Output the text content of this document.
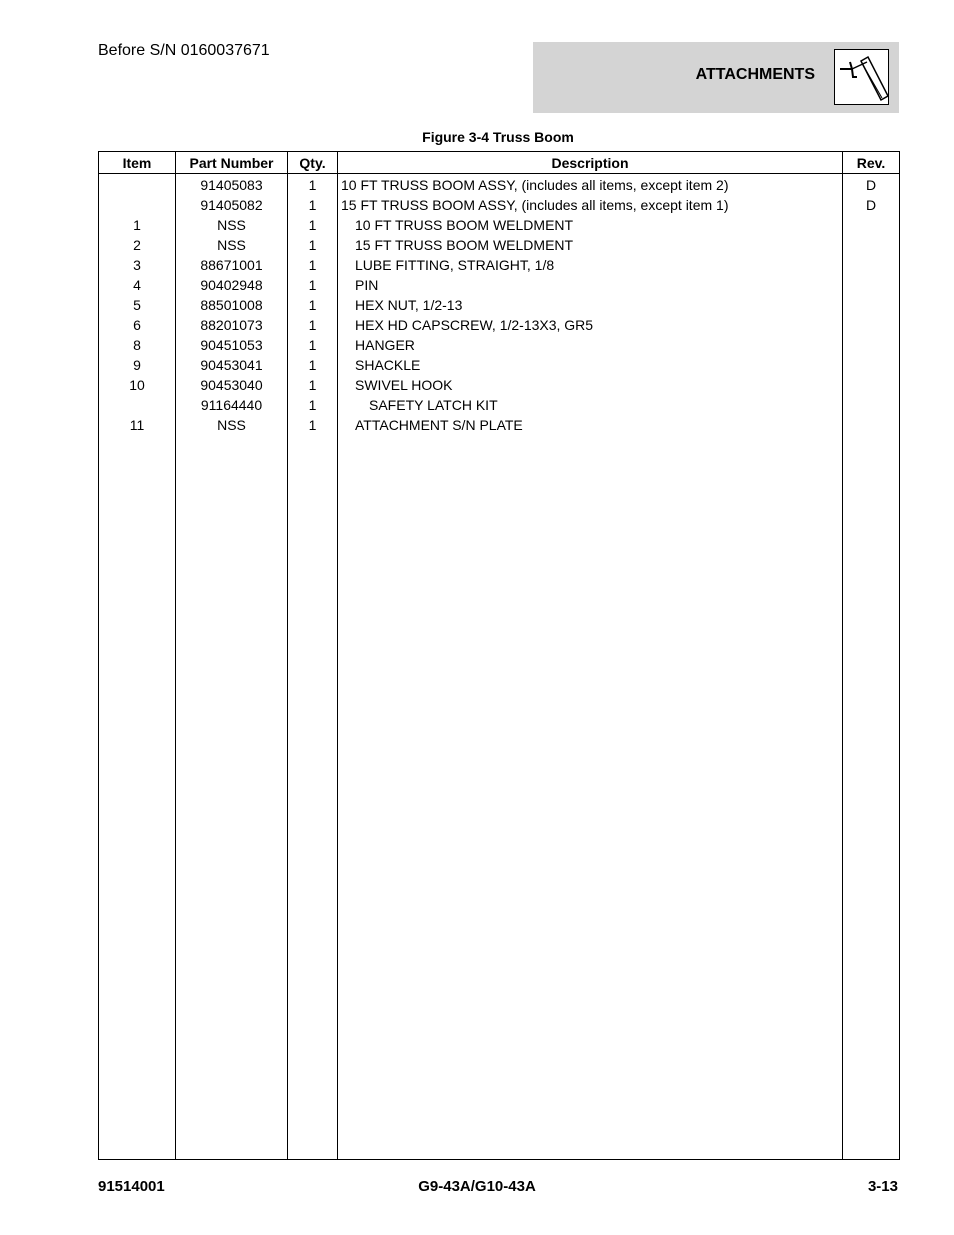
Before S/N 0160037671
ATTACHMENTS
Figure 3-4 Truss Boom
Item	Part Number	Qty.	Description	Rev.
	91405083	1	10 FT TRUSS BOOM ASSY, (includes all items, except item 2)	D
	91405082	1	15 FT TRUSS BOOM ASSY, (includes all items, except item 1)	D
1	NSS	1	10 FT TRUSS BOOM WELDMENT	
2	NSS	1	15 FT TRUSS BOOM WELDMENT	
3	88671001	1	LUBE FITTING, STRAIGHT, 1/8	
4	90402948	1	PIN	
5	88501008	1	HEX NUT, 1/2-13	
6	88201073	1	HEX HD CAPSCREW, 1/2-13X3, GR5	
8	90451053	1	HANGER	
9	90453041	1	SHACKLE	
10	90453040	1	SWIVEL HOOK	
	91164440	1	SAFETY LATCH KIT	
11	NSS	1	ATTACHMENT S/N PLATE	

91514001	G9-43A/G10-43A	3-13
